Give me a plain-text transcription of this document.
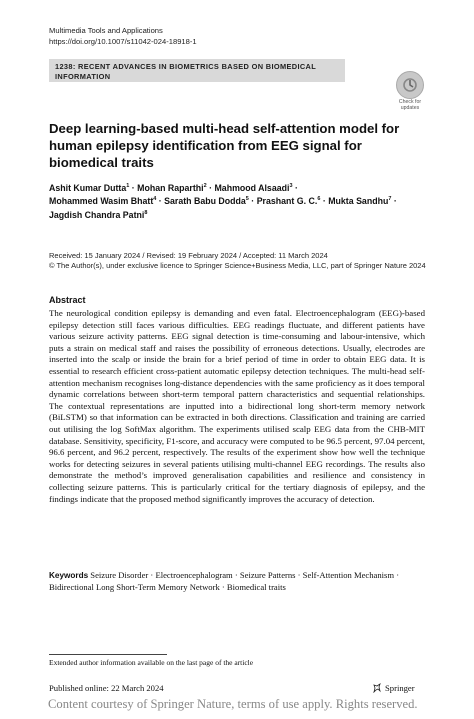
Multimedia Tools and Applications
https://doi.org/10.1007/s11042-024-18918-1
1238: RECENT ADVANCES IN BIOMETRICS BASED ON BIOMEDICAL INFORMATION
Check for
updates
Deep learning-based multi-head self-attention model for human epilepsy identification from EEG signal for biomedical traits
Ashit Kumar Dutta$^1$ · Mohan Raparthi$^2$ · Mahmood Alsaadi$^3$ ·
Mohammed Wasim Bhatt$^4$ · Sarath Babu Dodda$^5$ · Prashant G. C.$^6$ · Mukta Sandhu$^7$ ·
Jagdish Chandra Patni$^8$
Received: 15 January 2024 / Revised: 19 February 2024 / Accepted: 11 March 2024
© The Author(s), under exclusive licence to Springer Science+Business Media, LLC, part of Springer Nature 2024
Abstract
The neurological condition epilepsy is demanding and even fatal. Electroencephalogram (EEG)-based epilepsy detection still faces various difficulties. EEG readings fluctuate, and different patients have various seizure activity patterns. EEG signal detection is time-consuming and labour-intensive, which puts a strain on medical staff and raises the possibility of erroneous detections. Usually, electrodes are inserted into the scalp or inside the brain for a brief period of time in order to obtain EEG data. It is essential to research efficient cross-patient automatic epilepsy detection techniques. The multi-head self-attention mechanism recognises long-distance dependencies with the same proficiency as it does temporal dynamic correlations between short-term temporal pattern characteristics and sequential relationships. The contextual representations are inputted into a bidirectional long short-term memory network (BiLSTM) so that information can be extracted in both directions. Classification and training are carried out utilising the log SoftMax algorithm. The experiments utilised scalp EEG data from the CHB-MIT database. Sensitivity, specificity, F1-score, and accuracy were computed to be 96.5 percent, 97.04 percent, 96.6 percent, and 96.2 percent, respectively. The results of the experiment show how well the technique works for detecting seizures in several patients utilising multi-channel EEG recordings. The results also demonstrate the method’s improved generalisation capabilities and resilience and consistency in collecting seizure patterns. This is particularly critical for the tertiary diagnosis of epilepsy, and the findings indicate that the proposed method significantly improves the accuracy of detection.
Keywords Seizure Disorder · Electroencephalogram · Seizure Patterns · Self-Attention Mechanism · Bidirectional Long Short-Term Memory Network · Biomedical traits
Extended author information available on the last page of the article
Published online: 22 March 2024	Springer
Content courtesy of Springer Nature, terms of use apply. Rights reserved.
